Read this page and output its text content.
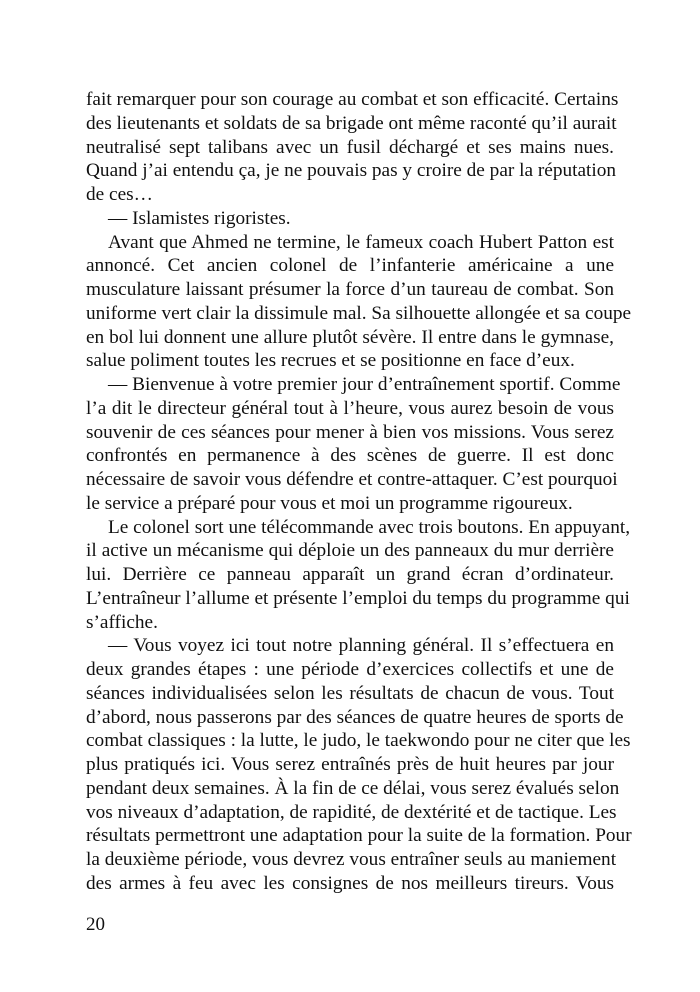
fait remarquer pour son courage au combat et son efficacité. Certains
des lieutenants et soldats de sa brigade ont même raconté qu’il aurait
neutralisé sept talibans avec un fusil déchargé et ses mains nues.
Quand j’ai entendu ça, je ne pouvais pas y croire de par la réputation
de ces…
— Islamistes rigoristes.
Avant que Ahmed ne termine, le fameux coach Hubert Patton est
annoncé. Cet ancien colonel de l’infanterie américaine a une
musculature laissant présumer la force d’un taureau de combat. Son
uniforme vert clair la dissimule mal. Sa silhouette allongée et sa coupe
en bol lui donnent une allure plutôt sévère. Il entre dans le gymnase,
salue poliment toutes les recrues et se positionne en face d’eux.
— Bienvenue à votre premier jour d’entraînement sportif. Comme
l’a dit le directeur général tout à l’heure, vous aurez besoin de vous
souvenir de ces séances pour mener à bien vos missions. Vous serez
confrontés en permanence à des scènes de guerre. Il est donc
nécessaire de savoir vous défendre et contre-attaquer. C’est pourquoi
le service a préparé pour vous et moi un programme rigoureux.
Le colonel sort une télécommande avec trois boutons. En appuyant,
il active un mécanisme qui déploie un des panneaux du mur derrière
lui. Derrière ce panneau apparaît un grand écran d’ordinateur.
L’entraîneur l’allume et présente l’emploi du temps du programme qui
s’affiche.
— Vous voyez ici tout notre planning général. Il s’effectuera en
deux grandes étapes : une période d’exercices collectifs et une de
séances individualisées selon les résultats de chacun de vous. Tout
d’abord, nous passerons par des séances de quatre heures de sports de
combat classiques : la lutte, le judo, le taekwondo pour ne citer que les
plus pratiqués ici. Vous serez entraînés près de huit heures par jour
pendant deux semaines. À la fin de ce délai, vous serez évalués selon
vos niveaux d’adaptation, de rapidité, de dextérité et de tactique. Les
résultats permettront une adaptation pour la suite de la formation. Pour
la deuxième période, vous devrez vous entraîner seuls au maniement
des armes à feu avec les consignes de nos meilleurs tireurs. Vous
20
